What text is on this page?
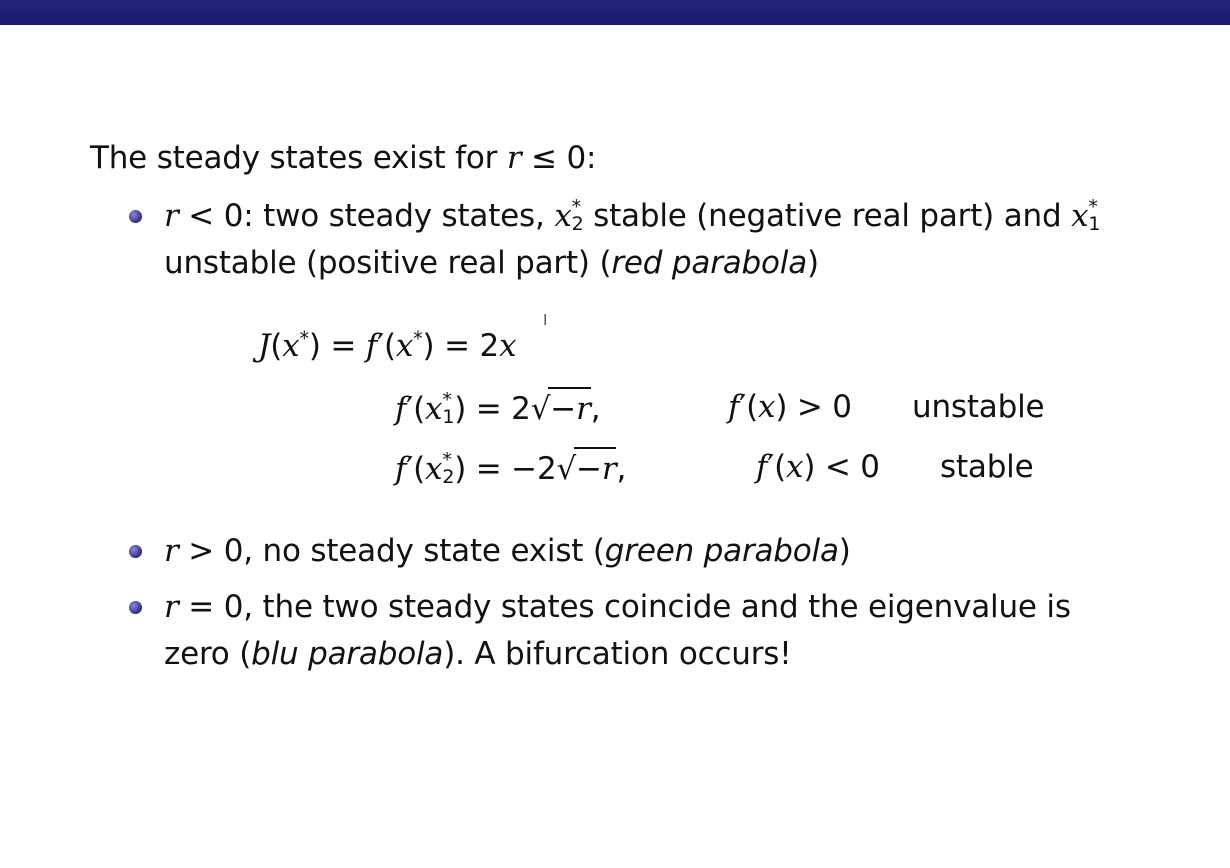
The steady states exist for r ≤ 0:
r < 0: two steady states, x *
2 stable (negative real part) and x *
1
unstable (positive real part) (red parabola)
J(x*) = f′(x*) = 2x
I
f′(x *
1 ) = 2√−r,	f′(x) > 0 unstable
f′(x *
2 ) = −2√−r,	f′(x) < 0 stable
r > 0, no steady state exist (green parabola)
r = 0, the two steady states coincide and the eigenvalue is
zero (blu parabola). A bifurcation occurs!
